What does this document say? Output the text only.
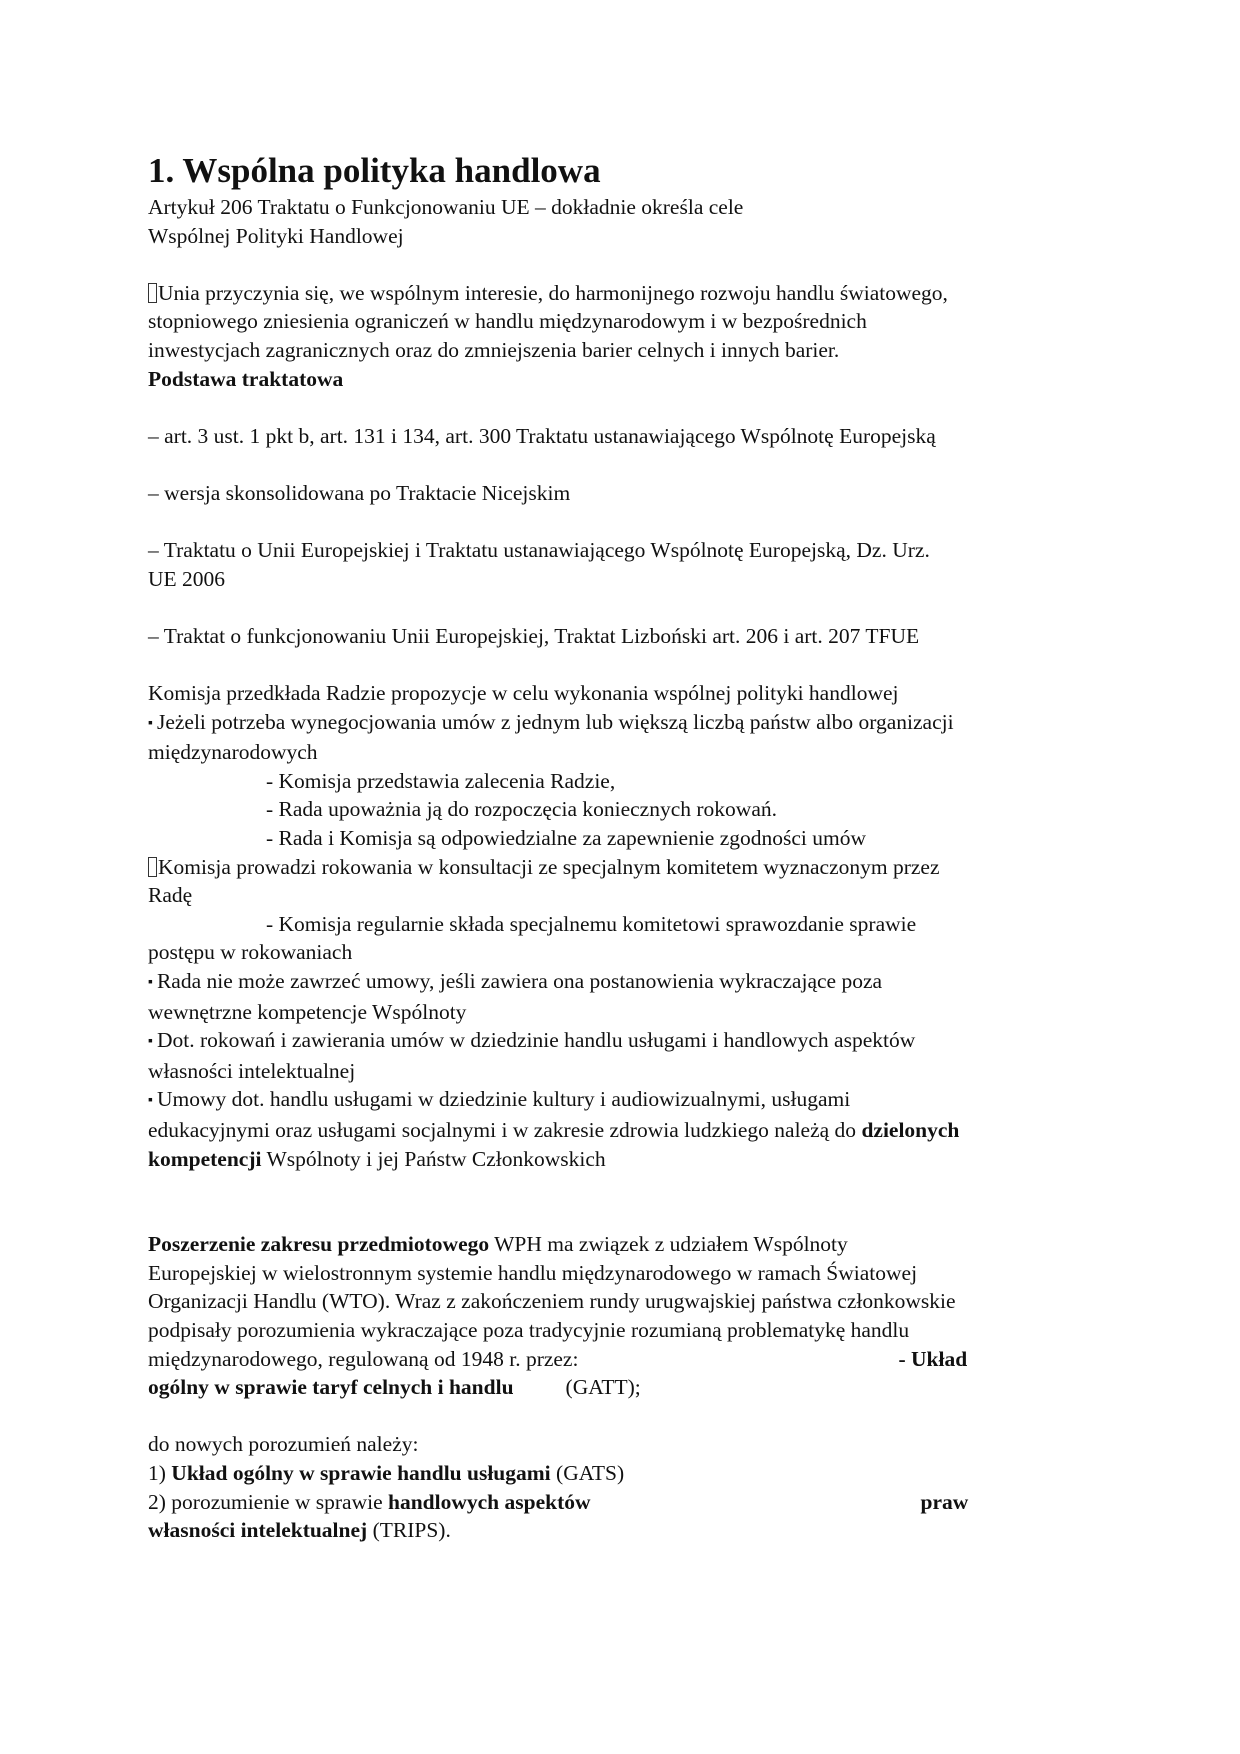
1. Wspólna polityka handlowa

Artykuł 206 Traktatu o Funkcjonowaniu UE – dokładnie określa cele

Wspólnej Polityki Handlowej

Unia przyczynia się, we wspólnym interesie, do harmonijnego rozwoju handlu światowego,

stopniowego zniesienia ograniczeń w handlu międzynarodowym i w bezpośrednich

inwestycjach zagranicznych oraz do zmniejszenia barier celnych i innych barier.

Podstawa traktatowa

– art. 3 ust. 1 pkt b, art. 131 i 134, art. 300 Traktatu ustanawiającego Wspólnotę Europejską

– wersja skonsolidowana po Traktacie Nicejskim

– Traktatu o Unii Europejskiej i Traktatu ustanawiającego Wspólnotę Europejską, Dz. Urz.

UE 2006

– Traktat o funkcjonowaniu Unii Europejskiej, Traktat Lizboński art. 206 i art. 207 TFUE

Komisja przedkłada Radzie propozycje w celu wykonania wspólnej polityki handlowej

▪ Jeżeli potrzeba wynegocjowania umów z jednym lub większą liczbą państw albo organizacji

międzynarodowych

- Komisja przedstawia zalecenia Radzie,

- Rada upoważnia ją do rozpoczęcia koniecznych rokowań.

- Rada i Komisja są odpowiedzialne za zapewnienie zgodności umów

Komisja prowadzi rokowania w konsultacji ze specjalnym komitetem wyznaczonym przez

Radę

- Komisja regularnie składa specjalnemu komitetowi sprawozdanie sprawie

postępu w rokowaniach

▪ Rada nie może zawrzeć umowy, jeśli zawiera ona postanowienia wykraczające poza

wewnętrzne kompetencje Wspólnoty

▪ Dot. rokowań i zawierania umów w dziedzinie handlu usługami i handlowych aspektów

własności intelektualnej

▪ Umowy dot. handlu usługami w dziedzinie kultury i audiowizualnymi, usługami

edukacyjnymi oraz usługami socjalnymi i w zakresie zdrowia ludzkiego należą do dzielonych

kompetencji Wspólnoty i jej Państw Członkowskich

Poszerzenie zakresu przedmiotowego WPH ma związek z udziałem Wspólnoty

Europejskiej w wielostronnym systemie handlu międzynarodowego w ramach Światowej

Organizacji Handlu (WTO). Wraz z zakończeniem rundy urugwajskiej państwa członkowskie

podpisały porozumienia wykraczające poza tradycyjnie rozumianą problematykę handlu

międzynarodowego, regulowaną od 1948 r. przez:	- Układ

ogólny w sprawie taryf celnych i handlu (GATT);

do nowych porozumień należy:

1) Układ ogólny w sprawie handlu usługami (GATS)

2) porozumienie w sprawie handlowych aspektów	praw

własności intelektualnej (TRIPS).
